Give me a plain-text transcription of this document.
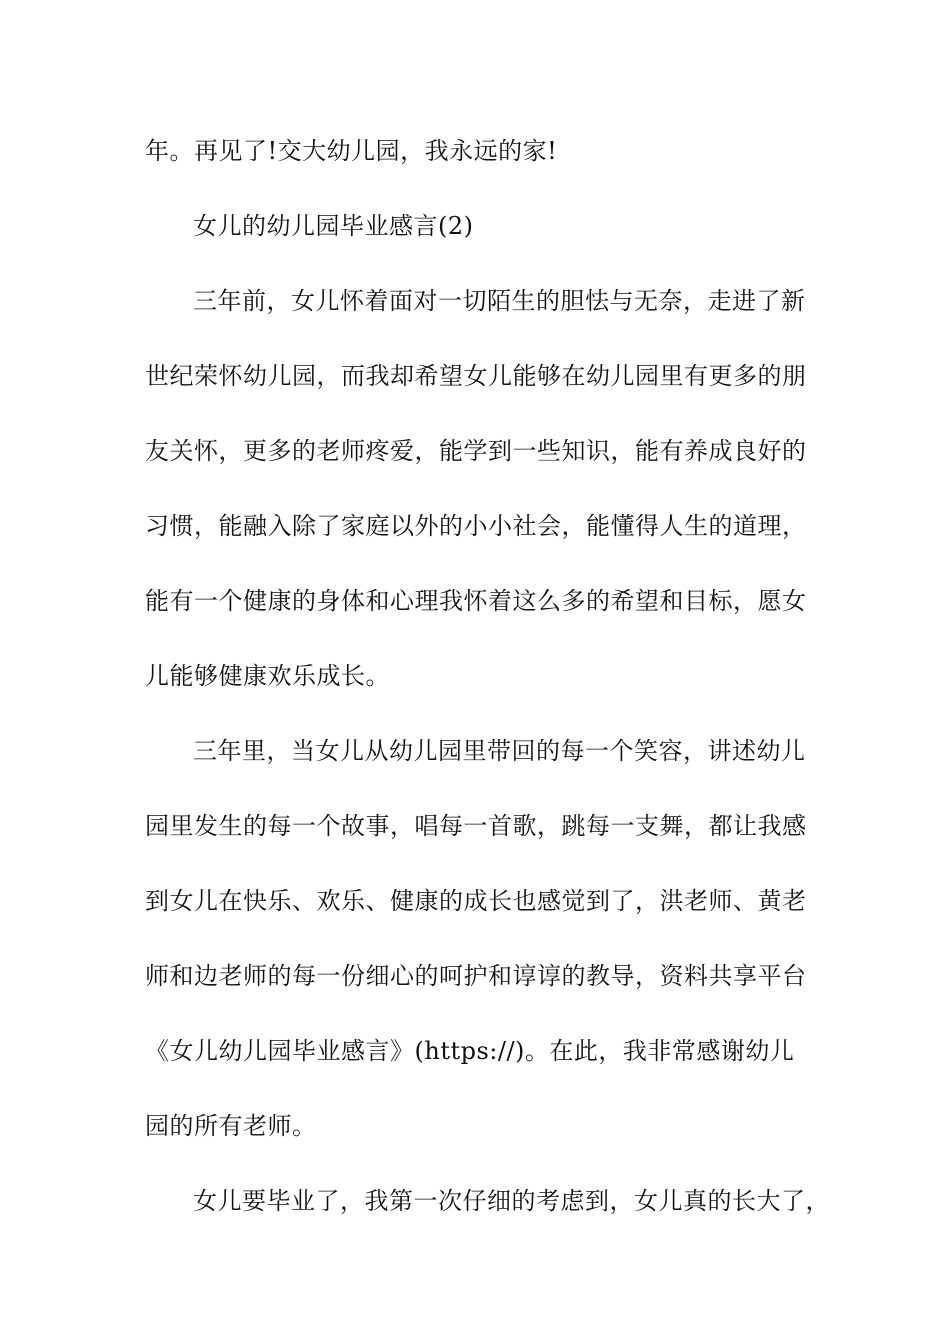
年。再见了!交大幼儿园，我永远的家!
女儿的幼儿园毕业感言(2)
三年前，女儿怀着面对一切陌生的胆怯与无奈，走进了新
世纪荣怀幼儿园，而我却希望女儿能够在幼儿园里有更多的朋
友关怀，更多的老师疼爱，能学到一些知识，能有养成良好的
习惯，能融入除了家庭以外的小小社会，能懂得人生的道理，
能有一个健康的身体和心理我怀着这么多的希望和目标，愿女
儿能够健康欢乐成长。
三年里，当女儿从幼儿园里带回的每一个笑容，讲述幼儿
园里发生的每一个故事，唱每一首歌，跳每一支舞，都让我感
到女儿在快乐、欢乐、健康的成长也感觉到了，洪老师、黄老
师和边老师的每一份细心的呵护和谆谆的教导，资料共享平台
《女儿幼儿园毕业感言》(https://)。在此，我非常感谢幼儿
园的所有老师。
女儿要毕业了，我第一次仔细的考虑到，女儿真的长大了，
